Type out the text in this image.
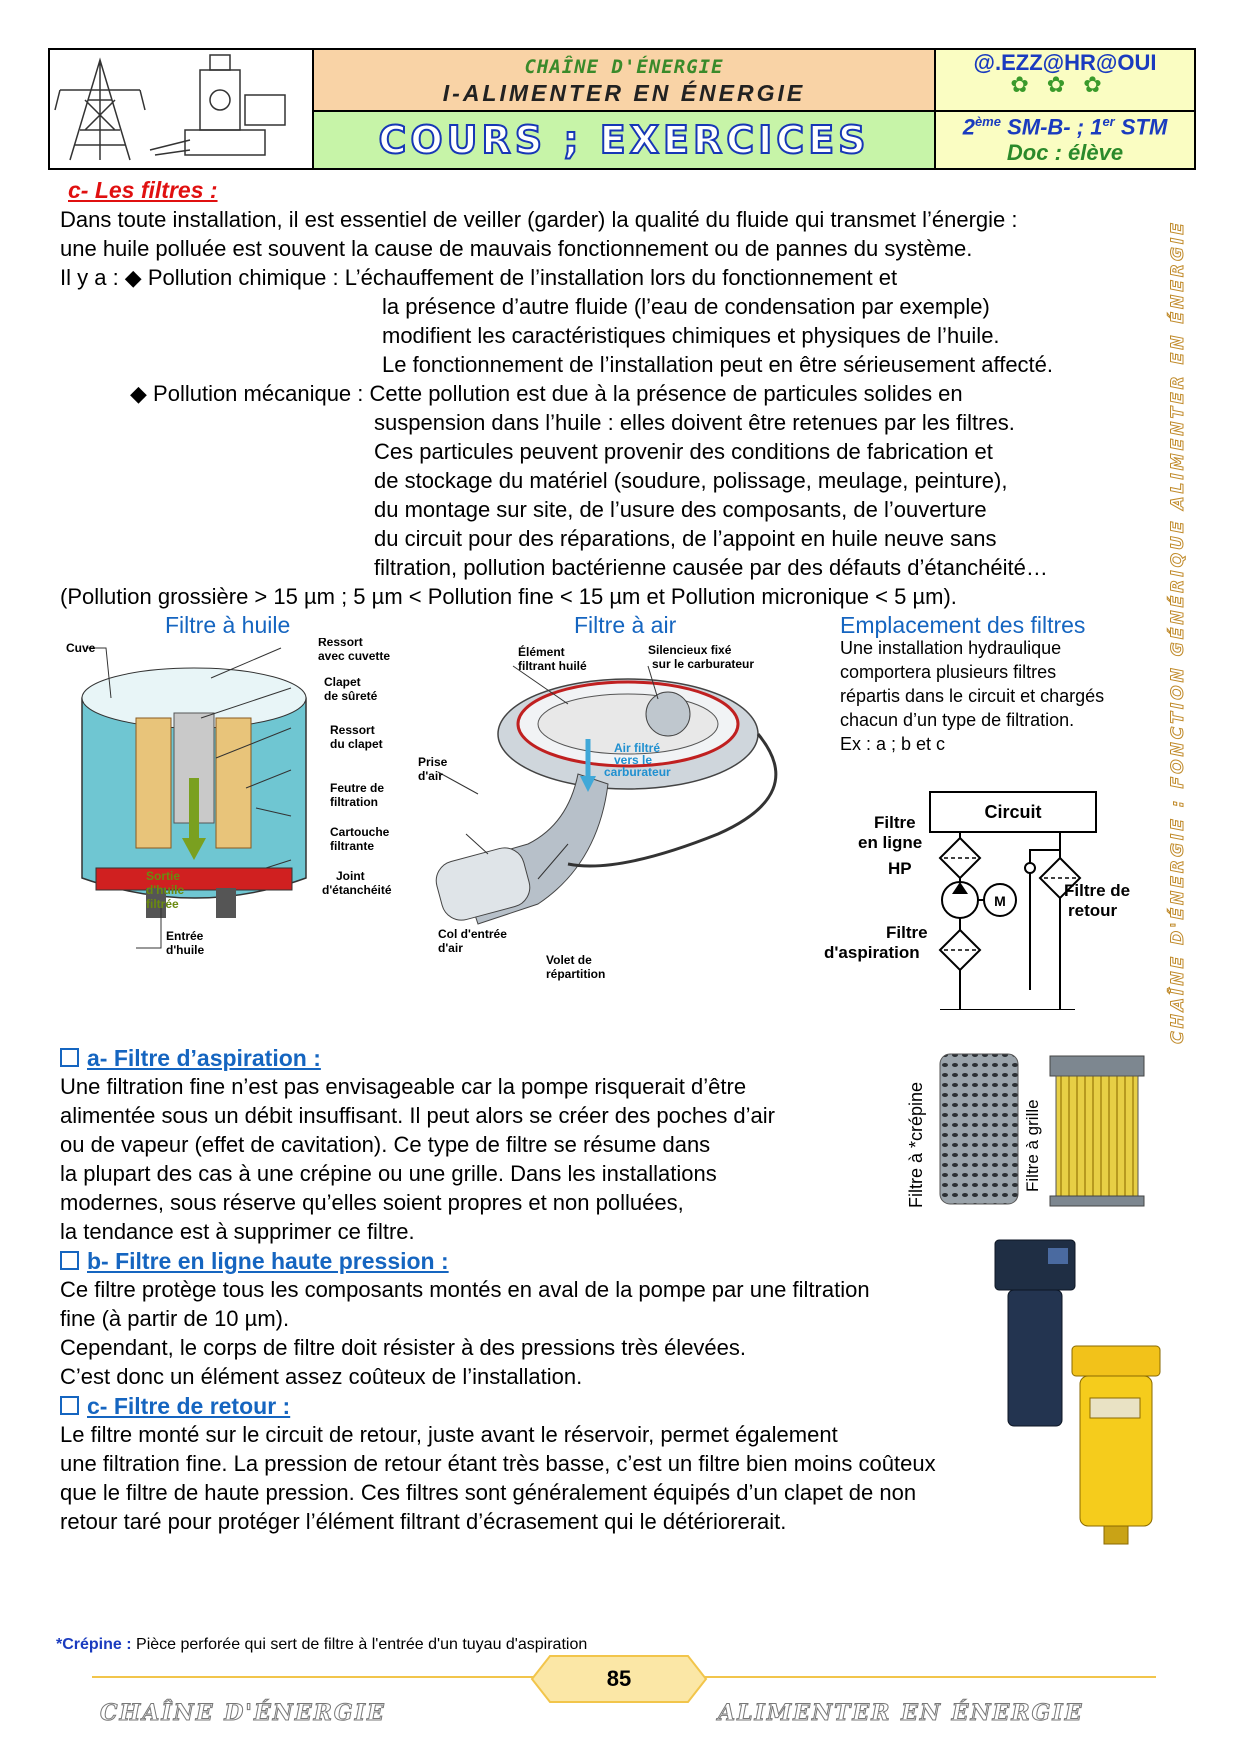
CHAÎNE D'ÉNERGIE
I-ALIMENTER EN ÉNERGIE
COURS ; EXERCICES
@.EZZ@HR@OUI
✿✿✿
2ème SM-B- ; 1er STM
Doc : élève
CHAÎNE D'ÉNERGIE : FONCTION GÉNÉRIQUE ALIMENTER EN ÉNERGIE
c- Les filtres :
Dans toute installation, il est essentiel de veiller (garder) la qualité du fluide qui transmet l’énergie :
une huile polluée est souvent la cause de mauvais fonctionnement ou de pannes du système.
Il y a : ◆ Pollution chimique : L’échauffement de l’installation lors du fonctionnement et
la présence d’autre fluide (l’eau de condensation par exemple)
modifient les caractéristiques chimiques et physiques de l’huile.
Le fonctionnement de l’installation peut en être sérieusement affecté.
◆ Pollution mécanique : Cette pollution est due à la présence de particules solides en
suspension dans l’huile : elles doivent être retenues par les filtres.
Ces particules peuvent provenir des conditions de fabrication et
de stockage du matériel (soudure, polissage, meulage, peinture),
du montage sur site, de l’usure des composants, de l’ouverture
du circuit pour des réparations, de l’appoint en huile neuve sans
filtration, pollution bactérienne causée par des défauts d’étanchéité…
(Pollution grossière > 15 µm ; 5 µm < Pollution fine < 15 µm et Pollution micronique < 5 µm).
Filtre à huile	Filtre à air	Emplacement des filtres
Une installation hydraulique
comportera plusieurs filtres
répartis dans le circuit et chargés
chacun d’un type de filtration.
Ex : a ; b et c
Cuve	Ressort
avec cuvette
Clapet
de sûreté
Ressort
du clapet
Feutre de
filtration
Cartouche
filtrante
Joint
d'étanchéité
Sortie
d'huile
filtrée
Entrée
d'huile
Élément
filtrant huilé
Silencieux fixé
sur le carburateur
Prise
d'air
Air filtré
vers le
carburateur
Col d'entrée
d'air
Volet de
répartition
Circuit
M
Filtre
en ligne
HP
Filtre de
retour
Filtre
d'aspiration
Filtre à *crépine	Filtre à grille
a- Filtre d’aspiration :
Une filtration fine n’est pas envisageable car la pompe risquerait d’être
alimentée sous un débit insuffisant. Il peut alors se créer des poches d’air
ou de vapeur (effet de cavitation). Ce type de filtre se résume dans
la plupart des cas à une crépine ou une grille. Dans les installations
modernes, sous réserve qu’elles soient propres et non polluées,
la tendance est à supprimer ce filtre.
b- Filtre en ligne haute pression :
Ce filtre protège tous les composants montés en aval de la pompe par une filtration
fine (à partir de 10 µm).
Cependant, le corps de filtre doit résister à des pressions très élevées.
C’est donc un élément assez coûteux de l’installation.
c- Filtre de retour :
Le filtre monté sur le circuit de retour, juste avant le réservoir, permet également
une filtration fine. La pression de retour étant très basse, c’est un filtre bien moins coûteux
que le filtre de haute pression. Ces filtres sont généralement équipés d’un clapet de non
retour taré pour protéger l’élément filtrant d’écrasement qui le détériorerait.
*Crépine : Pièce perforée qui sert de filtre à l'entrée d'un tuyau d'aspiration
85
CHAÎNE D'ÉNERGIE	ALIMENTER EN ÉNERGIE
